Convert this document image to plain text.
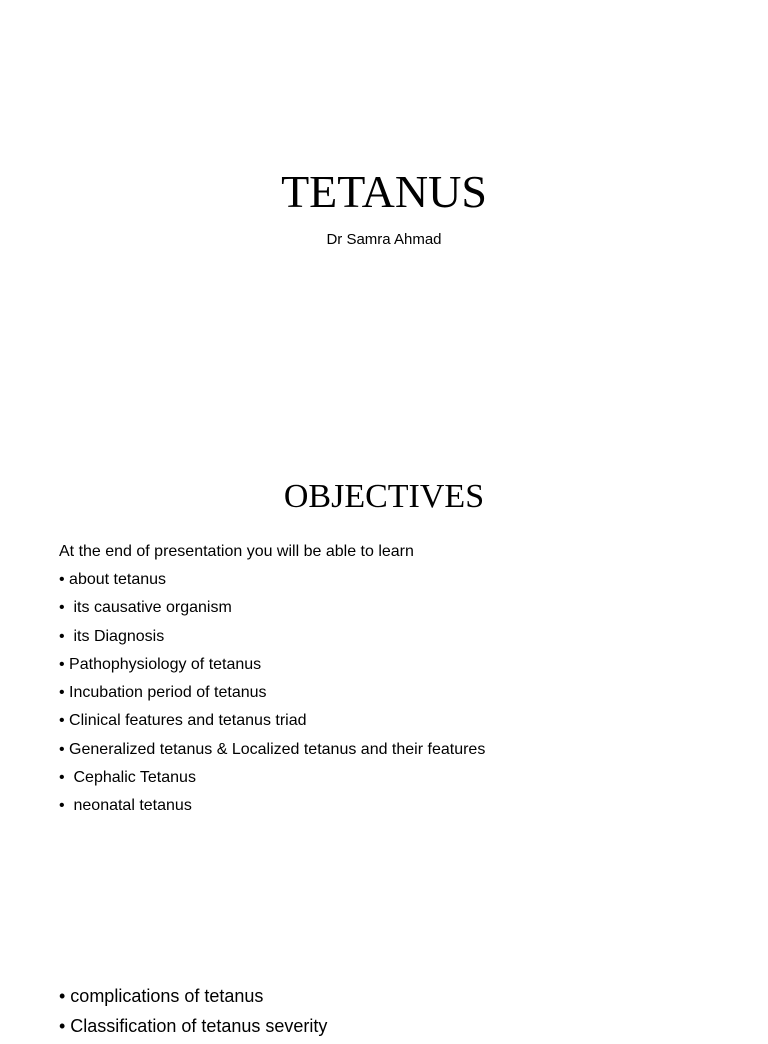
TETANUS
Dr Samra Ahmad
OBJECTIVES
At the end of presentation you will be able to learn
• about tetanus
•  its causative organism
•  its Diagnosis
• Pathophysiology of tetanus
• Incubation period of tetanus
• Clinical features and tetanus triad
• Generalized tetanus & Localized tetanus and their features
•  Cephalic Tetanus
•  neonatal tetanus
• complications of tetanus
• Classification of tetanus severity
